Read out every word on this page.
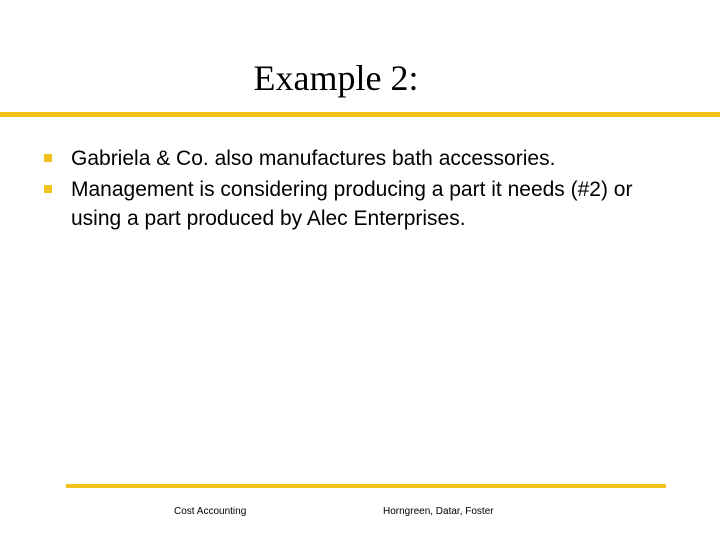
Example 2:
Gabriela & Co. also manufactures bath accessories.
Management is considering producing a part it needs (#2) or
using a part produced by Alec Enterprises.
Cost Accounting	Horngreen, Datar, Foster
